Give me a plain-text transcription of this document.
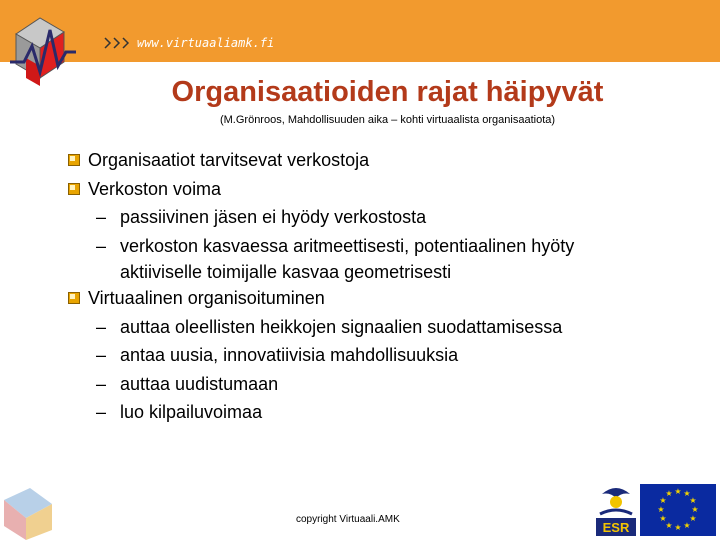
www.virtuaaliamk.fi
Organisaatioiden rajat häipyvät
(M.Grönroos, Mahdollisuuden aika – kohti virtuaalista organisaatiota)
Organisaatiot tarvitsevat verkostoja
Verkoston voima
– passiivinen jäsen ei hyödy verkostosta
– verkoston kasvaessa aritmeettisesti, potentiaalinen hyöty
aktiiviselle toimijalle kasvaa geometrisesti
Virtuaalinen organisoituminen
– auttaa oleellisten heikkojen signaalien suodattamisessa
– antaa uusia, innovatiivisia mahdollisuuksia
– auttaa uudistumaan
– luo kilpailuvoimaa
copyright Virtuaali.AMK
ESR
★ ★
★
★
★
★
★
★
★
★
★
★
